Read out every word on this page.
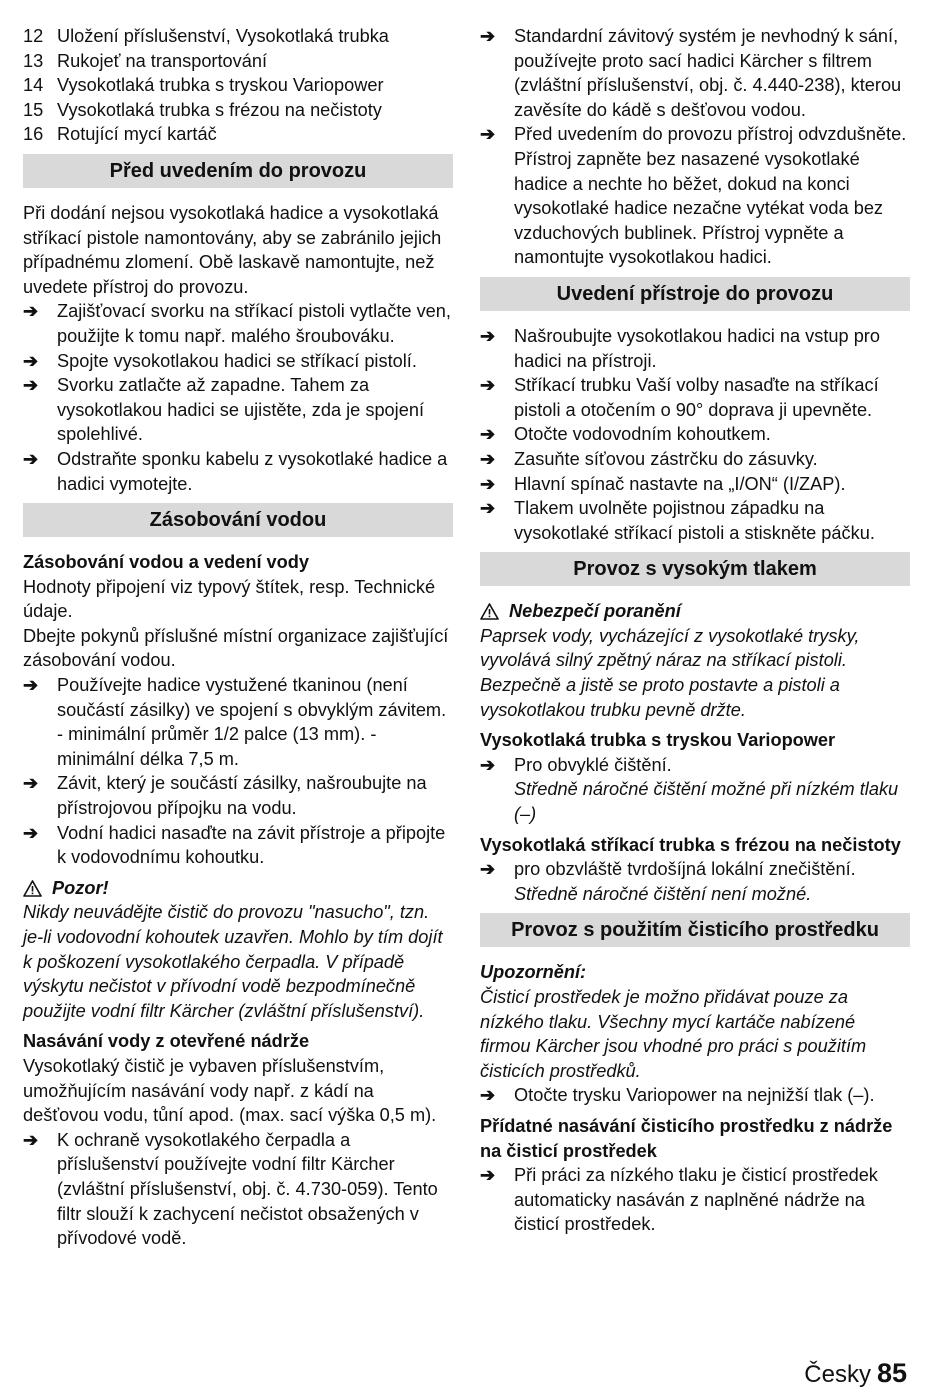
12 Uložení příslušenství, Vysokotlaká trubka
13 Rukojeť na transportování
14 Vysokotlaká trubka s tryskou Variopower
15 Vysokotlaká trubka s frézou na nečistoty
16 Rotující mycí kartáč
Před uvedením do provozu
Při dodání nejsou vysokotlaká hadice a vysokotlaká stříkací pistole namontovány, aby se zabránilo jejich případnému zlomení. Obě laskavě namontujte, než uvedete přístroj do provozu.
➔	Zajišťovací svorku na stříkací pistoli vytlačte ven, použijte k tomu např. malého šroubováku.
➔	Spojte vysokotlakou hadici se stříkací pistolí.
➔	Svorku zatlačte až zapadne. Tahem za vysokotlakou hadici se ujistěte, zda je spojení spolehlivé.
➔	Odstraňte sponku kabelu z vysokotlaké hadice a hadici vymotejte.
Zásobování vodou
Zásobování vodou a vedení vody
Hodnoty připojení viz typový štítek, resp. Technické údaje.
Dbejte pokynů příslušné místní organizace zajišťující zásobování vodou.
➔	Používejte hadice vystužené tkaninou (není součástí zásilky) ve spojení s obvyklým závitem. - minimální průměr 1/2 palce (13 mm). - minimální délka 7,5 m.
➔	Závit, který je součástí zásilky, našroubujte na přístrojovou přípojku na vodu.
➔	Vodní hadici nasaďte na závit přístroje a připojte k vodovodnímu kohoutku.
Pozor!
Nikdy neuvádějte čistič do provozu "nasucho", tzn. je-li vodovodní kohoutek uzavřen. Mohlo by tím dojít k poškození vysokotlakého čerpadla. V případě výskytu nečistot v přívodní vodě bezpodmínečně použijte vodní filtr Kärcher (zvláštní příslušenství).
Nasávání vody z otevřené nádrže
Vysokotlaký čistič je vybaven příslušenstvím, umožňujícím nasávání vody např. z kádí na dešťovou vodu, tůní apod. (max. sací výška 0,5 m).
➔	K ochraně vysokotlakého čerpadla a příslušenství používejte vodní filtr Kärcher (zvláštní příslušenství, obj. č. 4.730-059). Tento filtr slouží k zachycení nečistot obsažených v přívodové vodě.
➔	Standardní závitový systém je nevhodný k sání, používejte proto sací hadici Kärcher s filtrem (zvláštní příslušenství, obj. č. 4.440-238), kterou zavěsíte do kádě s dešťovou vodou.
➔	Před uvedením do provozu přístroj odvzdušněte. Přístroj zapněte bez nasazené vysokotlaké hadice a nechte ho běžet, dokud na konci vysokotlaké hadice nezačne vytékat voda bez vzduchových bublinek. Přístroj vypněte a namontujte vysokotlakou hadici.
Uvedení přístroje do provozu
➔	Našroubujte vysokotlakou hadici na vstup pro hadici na přístroji.
➔	Stříkací trubku Vaší volby nasaďte na stříkací pistoli a otočením o 90° doprava ji upevněte.
➔	Otočte vodovodním kohoutkem.
➔	Zasuňte síťovou zástrčku do zásuvky.
➔	Hlavní spínač nastavte na „I/ON“ (I/ZAP).
➔	Tlakem uvolněte pojistnou západku na vysokotlaké stříkací pistoli a stiskněte páčku.
Provoz s vysokým tlakem
Nebezpečí poranění
Paprsek vody, vycházející z vysokotlaké trysky, vyvolává silný zpětný náraz na stříkací pistoli. Bezpečně a jistě se proto postavte a pistoli a vysokotlakou trubku pevně držte.
Vysokotlaká trubka s tryskou Variopower
➔	Pro obvyklé čištění.
Středně náročné čištění možné při nízkém tlaku (–)
Vysokotlaká stříkací trubka s frézou na nečistoty
➔	pro obzvláště tvrdošíjná lokální znečištění.
Středně náročné čištění není možné.
Provoz s použitím čisticího prostředku
Upozornění:
Čisticí prostředek je možno přidávat pouze za nízkého tlaku. Všechny mycí kartáče nabízené firmou Kärcher jsou vhodné pro práci s použitím čisticích prostředků.
➔	Otočte trysku Variopower na nejnižší tlak (–).
Přídatné nasávání čisticího prostředku z nádrže na čisticí prostředek
➔	Při práci za nízkého tlaku je čisticí prostředek automaticky nasáván z naplněné nádrže na čisticí prostředek.
Česky 85
